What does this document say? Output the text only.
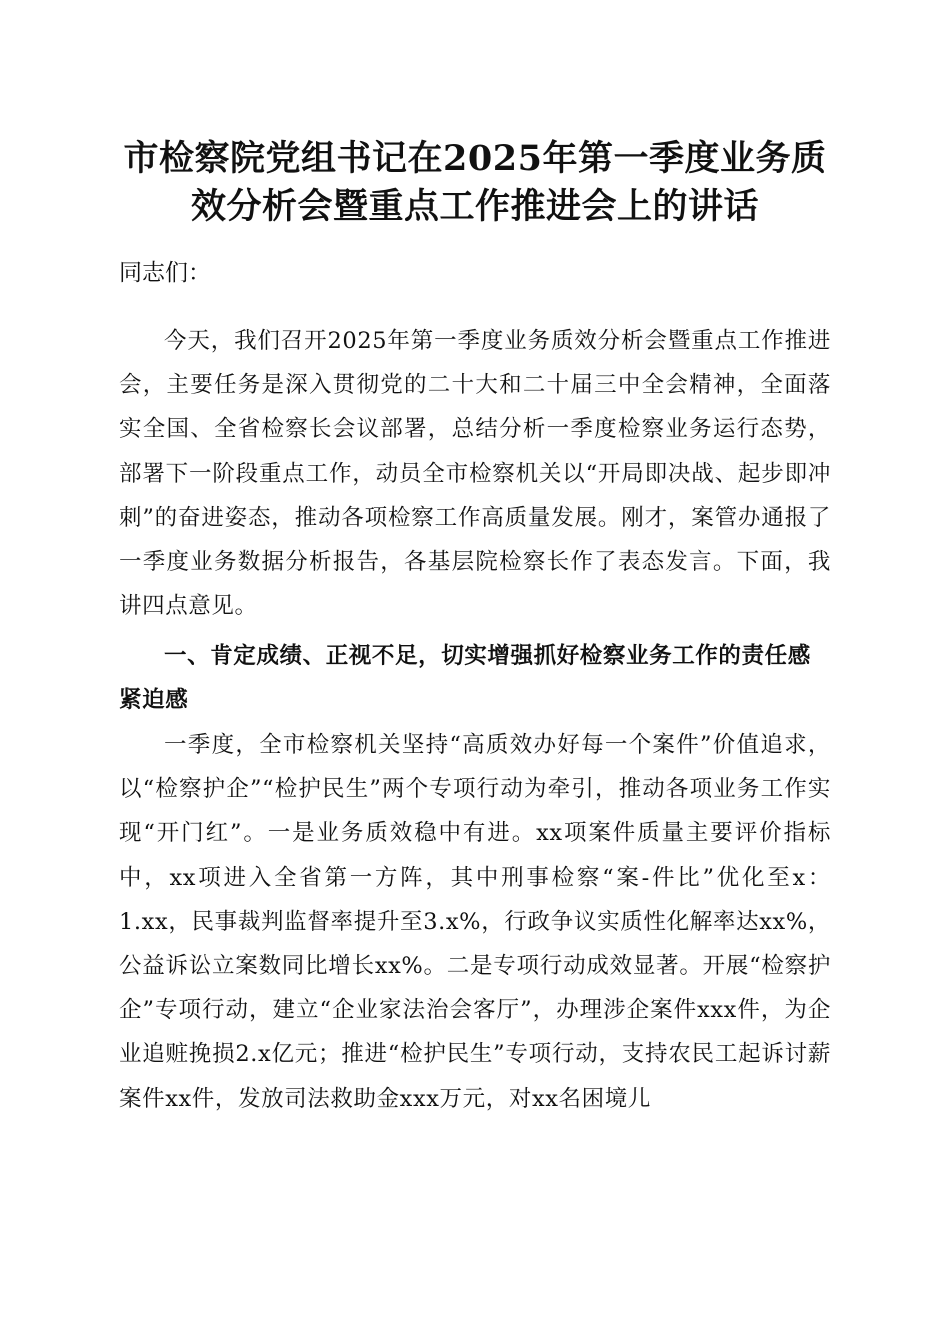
市检察院党组书记在2025年第一季度业务质
效分析会暨重点工作推进会上的讲话

同志们：

今天，我们召开2025年第一季度业务质效分析会暨重点工作推进会，主要任务是深入贯彻党的二十大和二十届三中全会精神，全面落实全国、全省检察长会议部署，总结分析一季度检察业务运行态势，部署下一阶段重点工作，动员全市检察机关以“开局即决战、起步即冲刺”的奋进姿态，推动各项检察工作高质量发展。刚才，案管办通报了一季度业务数据分析报告，各基层院检察长作了表态发言。下面，我讲四点意见。

一、肯定成绩、正视不足，切实增强抓好检察业务工作的责任感紧迫感

一季度，全市检察机关坚持“高质效办好每一个案件”价值追求，以“检察护企”“检护民生”两个专项行动为牵引，推动各项业务工作实现“开门红”。一是业务质效稳中有进。xx项案件质量主要评价指标中，xx项进入全省第一方阵，其中刑事检察“案-件比”优化至x：1.xx，民事裁判监督率提升至3.x%，行政争议实质性化解率达xx%，公益诉讼立案数同比增长xx%。二是专项行动成效显著。开展“检察护企”专项行动，建立“企业家法治会客厅”，办理涉企案件xxx件，为企业追赃挽损2.x亿元；推进“检护民生”专项行动，支持农民工起诉讨薪案件xx件，发放司法救助金xxx万元，对xx名困境儿
